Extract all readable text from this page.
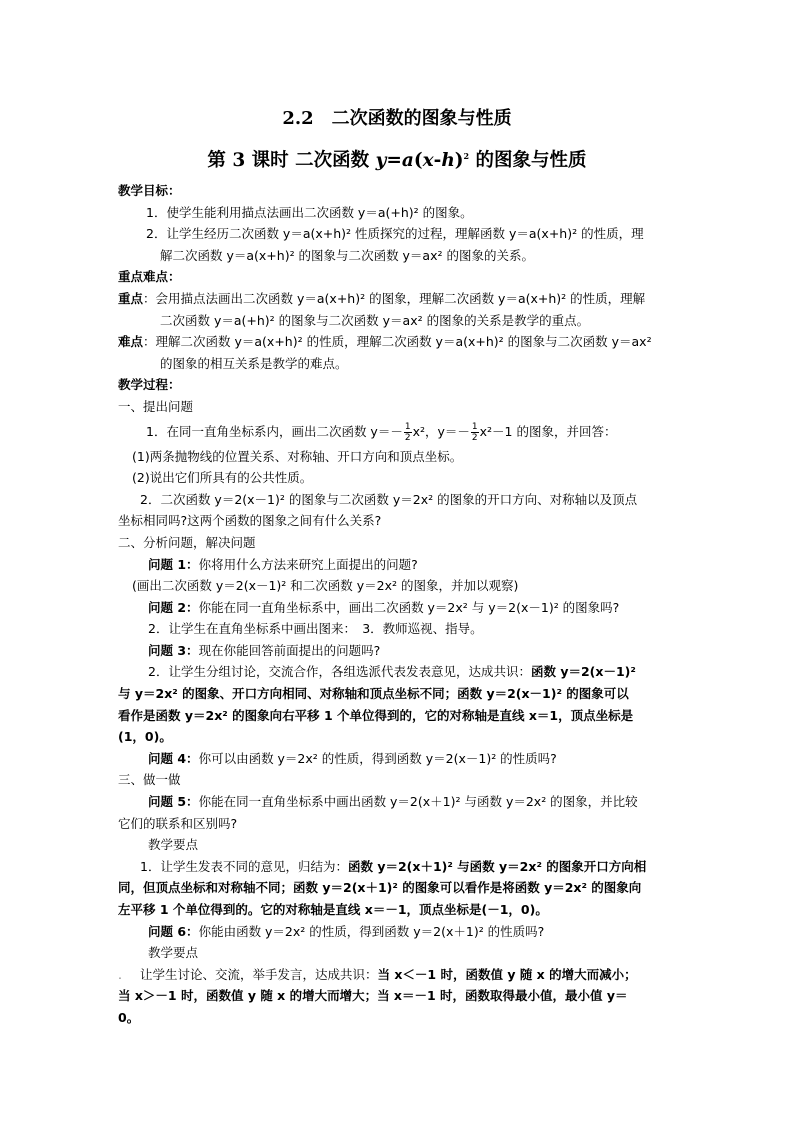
2.2　二次函数的图象与性质
第 3 课时 二次函数 $y=a(x-h)^2$ 的图象与性质

教学目标：

1．使学生能利用描点法画出二次函数 y＝a(+h)² 的图象。

2．让学生经历二次函数 y＝a(x+h)² 性质探究的过程，理解函数 y＝a(x+h)² 的性质，理

解二次函数 y＝a(x+h)² 的图象与二次函数 y＝ax² 的图象的关系。

重点难点：

重点：会用描点法画出二次函数 y＝a(x+h)² 的图象，理解二次函数 y＝a(x+h)² 的性质，理解

二次函数 y＝a(+h)² 的图象与二次函数 y＝ax² 的图象的关系是教学的重点。

难点：理解二次函数 y＝a(x+h)² 的性质，理解二次函数 y＝a(x+h)² 的图象与二次函数 y＝ax²

的图象的相互关系是教学的难点。

教学过程：

一、提出问题

1．在同一直角坐标系内，画出二次函数 $y=- \frac{1}{2} x^2$，$y=- \frac{1}{2} x^2-1$ 的图象，并回答：

(1)两条抛物线的位置关系、对称轴、开口方向和顶点坐标。

(2)说出它们所具有的公共性质。

2．二次函数 y＝2(x－1)² 的图象与二次函数 y＝2x² 的图象的开口方向、对称轴以及顶点

坐标相同吗?这两个函数的图象之间有什么关系?

二、分析问题，解决问题

问题 1：你将用什么方法来研究上面提出的问题?

(画出二次函数 y＝2(x－1)² 和二次函数 y＝2x² 的图象，并加以观察)

问题 2：你能在同一直角坐标系中，画出二次函数 y＝2x² 与 y＝2(x－1)² 的图象吗?

2．让学生在直角坐标系中画出图来：　3．教师巡视、指导。

问题 3：现在你能回答前面提出的问题吗?

2．让学生分组讨论，交流合作，各组选派代表发表意见，达成共识：函数 y＝2(x－1)²

与 y＝2x² 的图象、开口方向相同、对称轴和顶点坐标不同；函数 y＝2(x－1)² 的图象可以

看作是函数 y＝2x² 的图象向右平移 1 个单位得到的，它的对称轴是直线 x＝1，顶点坐标是

(1，0)。

问题 4：你可以由函数 y＝2x² 的性质，得到函数 y＝2(x－1)² 的性质吗?

三、做一做

问题 5：你能在同一直角坐标系中画出函数 y＝2(x＋1)² 与函数 y＝2x² 的图象，并比较

它们的联系和区别吗?

教学要点

1．让学生发表不同的意见，归结为：函数 y＝2(x＋1)² 与函数 y＝2x² 的图象开口方向相

同，但顶点坐标和对称轴不同；函数 y＝2(x＋1)² 的图象可以看作是将函数 y＝2x² 的图象向

左平移 1 个单位得到的。它的对称轴是直线 x＝－1，顶点坐标是(－1，0)。

问题 6：你能由函数 y＝2x² 的性质，得到函数 y＝2(x＋1)² 的性质吗?

教学要点

. 让学生讨论、交流，举手发言，达成共识：当 x＜－1 时，函数值 y 随 x 的增大而减小；

当 x＞－1 时，函数值 y 随 x 的增大而增大；当 x＝－1 时，函数取得最小值，最小值 y＝

0。
